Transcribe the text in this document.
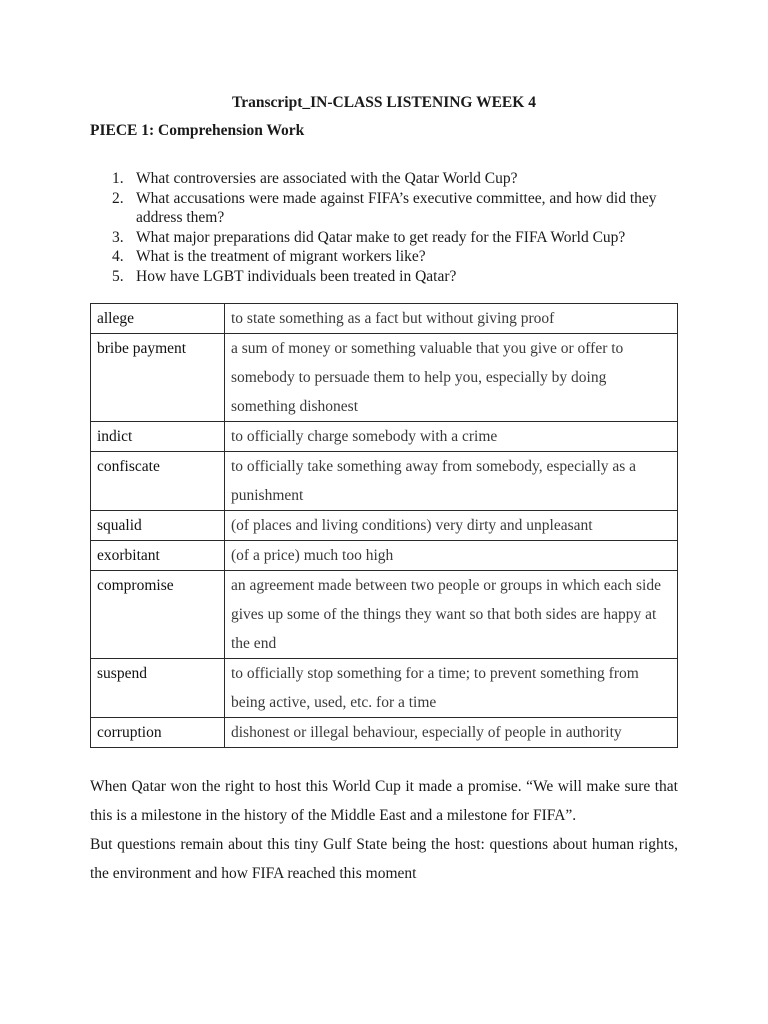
Transcript_IN-CLASS LISTENING WEEK 4
PIECE 1: Comprehension Work
1. What controversies are associated with the Qatar World Cup?
2. What accusations were made against FIFA’s executive committee, and how did they address them?
3. What major preparations did Qatar make to get ready for the FIFA World Cup?
4. What is the treatment of migrant workers like?
5. How have LGBT individuals been treated in Qatar?
allege	to state something as a fact but without giving proof
bribe payment	a sum of money or something valuable that you give or offer to somebody to persuade them to help you, especially by doing something dishonest
indict	to officially charge somebody with a crime
confiscate	to officially take something away from somebody, especially as a punishment
squalid	(of places and living conditions) very dirty and unpleasant
exorbitant	(of a price) much too high
compromise	an agreement made between two people or groups in which each side gives up some of the things they want so that both sides are happy at the end
suspend	to officially stop something for a time; to prevent something from being active, used, etc. for a time
corruption	dishonest or illegal behaviour, especially of people in authority

When Qatar won the right to host this World Cup it made a promise. “We will make sure that this is a milestone in the history of the Middle East and a milestone for FIFA”.

But questions remain about this tiny Gulf State being the host: questions about human rights, the environment and how FIFA reached this moment
